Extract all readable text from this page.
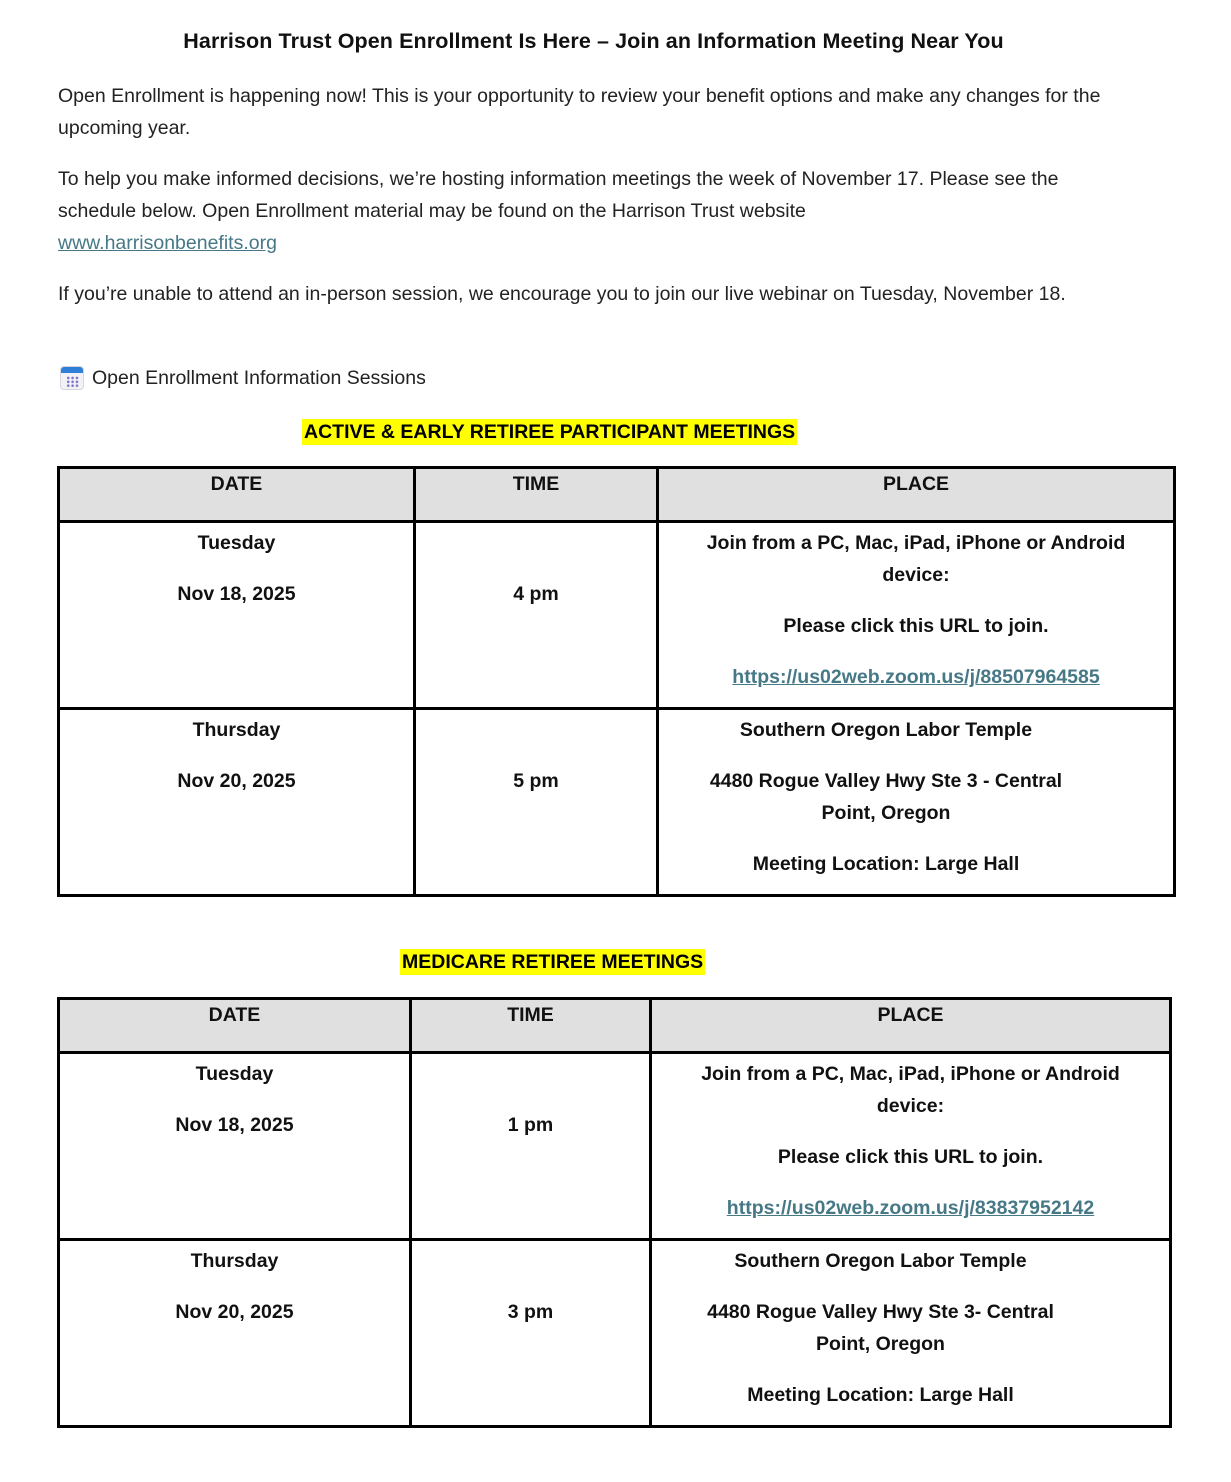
Harrison Trust Open Enrollment Is Here – Join an Information Meeting Near You
Open Enrollment is happening now! This is your opportunity to review your benefit options and make any changes for the upcoming year.
To help you make informed decisions, we’re hosting information meetings the week of November 17. Please see the schedule below. Open Enrollment material may be found on the Harrison Trust website
www.harrisonbenefits.org
If you’re unable to attend an in-person session, we encourage you to join our live webinar on Tuesday, November 18.
Open Enrollment Information Sessions
ACTIVE & EARLY RETIREE PARTICIPANT MEETINGS
DATE	TIME	PLACE

Tuesday
Nov 18, 2025	4 pm	Join from a PC, Mac, iPad, iPhone or Android device:
Please click this URL to join.
https://us02web.zoom.us/j/88507964585

Thursday
Nov 20, 2025	5 pm	Southern Oregon Labor Temple
4480 Rogue Valley Hwy Ste 3 - Central Point, Oregon
Meeting Location: Large Hall
MEDICARE RETIREE MEETINGS
DATE	TIME	PLACE

Tuesday
Nov 18, 2025	1 pm	Join from a PC, Mac, iPad, iPhone or Android device:
Please click this URL to join.
https://us02web.zoom.us/j/83837952142

Thursday
Nov 20, 2025	3 pm	Southern Oregon Labor Temple
4480 Rogue Valley Hwy Ste 3- Central Point, Oregon
Meeting Location: Large Hall
